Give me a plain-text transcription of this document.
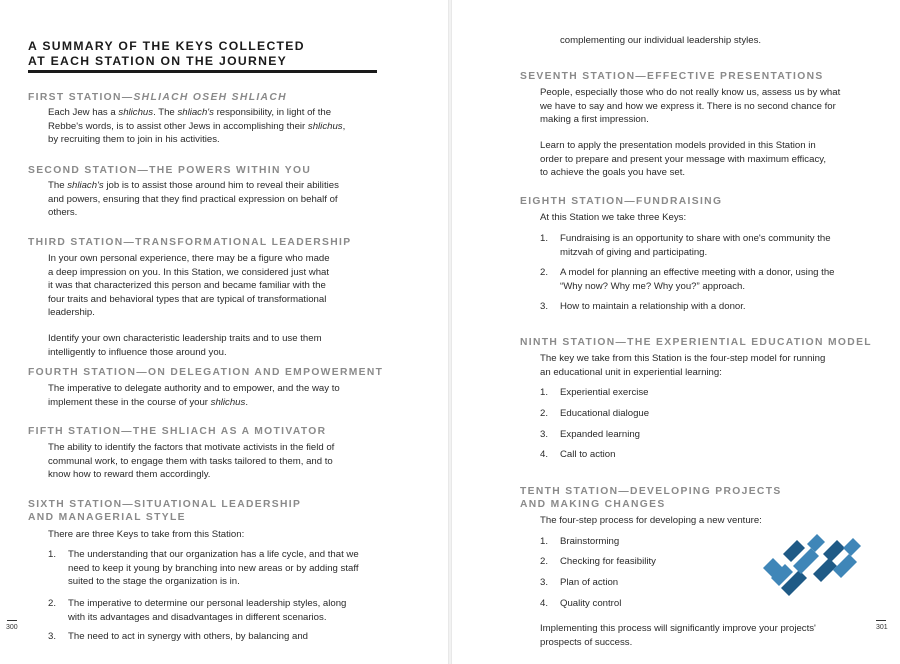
A SUMMARY OF THE KEYS COLLECTED
AT EACH STATION ON THE JOURNEY
FIRST STATION—SHLIACH OSEH SHLIACH
Each Jew has a shlichus. The shliach's responsibility, in light of the
Rebbe's words, is to assist other Jews in accomplishing their shlichus,
by recruiting them to join in his activities.
SECOND STATION—THE POWERS WITHIN YOU
The shliach's job is to assist those around him to reveal their abilities
and powers, ensuring that they find practical expression on behalf of
others.
THIRD STATION—TRANSFORMATIONAL LEADERSHIP
In your own personal experience, there may be a figure who made
a deep impression on you. In this Station, we considered just what
it was that characterized this person and became familiar with the
four traits and behavioral types that are typical of transformational
leadership.
Identify your own characteristic leadership traits and to use them
intelligently to influence those around you.
FOURTH STATION—ON DELEGATION AND EMPOWERMENT
The imperative to delegate authority and to empower, and the way to
implement these in the course of your shlichus.
FIFTH STATION—THE SHLIACH AS A MOTIVATOR
The ability to identify the factors that motivate activists in the field of
communal work, to engage them with tasks tailored to them, and to
know how to reward them accordingly.
SIXTH STATION—SITUATIONAL LEADERSHIP
AND MANAGERIAL STYLE
There are three Keys to take from this Station:
1. The understanding that our organization has a life cycle, and that we
need to keep it young by branching into new areas or by adding staff
suited to the stage the organization is in.
2. The imperative to determine our personal leadership styles, along
with its advantages and disadvantages in different scenarios.
3. The need to act in synergy with others, by balancing and
300
complementing our individual leadership styles.
SEVENTH STATION—EFFECTIVE PRESENTATIONS
People, especially those who do not really know us, assess us by what
we have to say and how we express it. There is no second chance for
making a first impression.
Learn to apply the presentation models provided in this Station in
order to prepare and present your message with maximum efficacy,
to achieve the goals you have set.
EIGHTH STATION—FUNDRAISING
At this Station we take three Keys:
1. Fundraising is an opportunity to share with one's community the
mitzvah of giving and participating.
2. A model for planning an effective meeting with a donor, using the
“Why now? Why me? Why you?” approach.
3. How to maintain a relationship with a donor.
NINTH STATION—THE EXPERIENTIAL EDUCATION MODEL
The key we take from this Station is the four-step model for running
an educational unit in experiential learning:
1. Experiential exercise
2. Educational dialogue
3. Expanded learning
4. Call to action
TENTH STATION—DEVELOPING PROJECTS
AND MAKING CHANGES
The four-step process for developing a new venture:
1. Brainstorming
2. Checking for feasibility
3. Plan of action
4. Quality control
Implementing this process will significantly improve your projects'
prospects of success.
301
